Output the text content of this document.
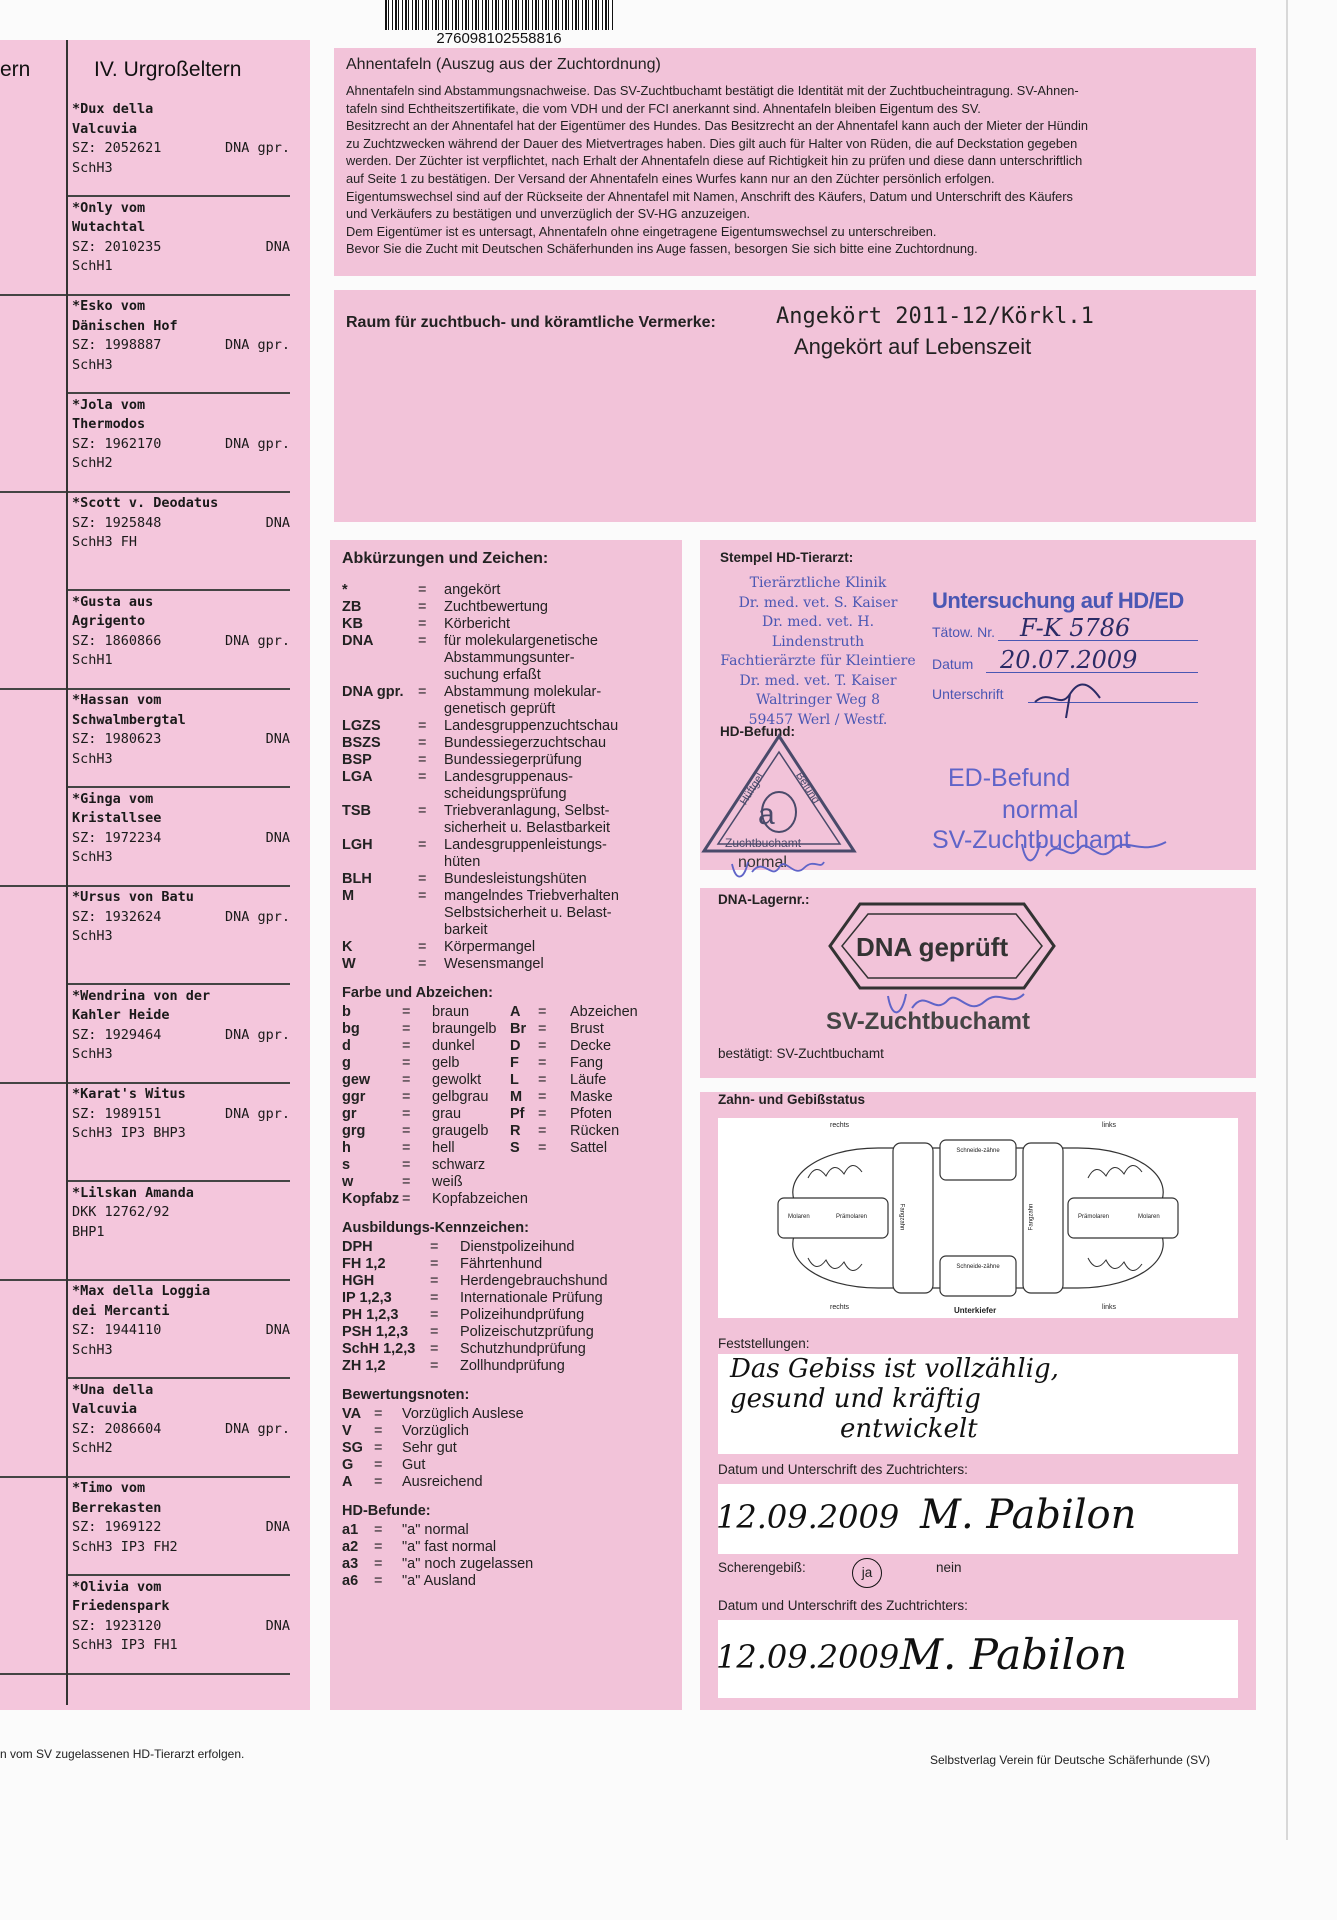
276098102558816
ern	IV. Urgroßeltern
*Dux della Valcuvia
SZ: 2052621	DNA gpr.
SchH3
*Only vom Wutachtal
SZ: 2010235	DNA
SchH1
*Esko vom Dänischen Hof
SZ: 1998887	DNA gpr.
SchH3
*Jola vom Thermodos
SZ: 1962170	DNA gpr.
SchH2
*Scott v. Deodatus
SZ: 1925848	DNA
SchH3 FH
*Gusta aus Agrigento
SZ: 1860866	DNA gpr.
SchH1
*Hassan vom Schwalmbergtal
SZ: 1980623	DNA
SchH3
*Ginga vom Kristallsee
SZ: 1972234	DNA
SchH3
*Ursus von Batu
SZ: 1932624	DNA gpr.
SchH3
*Wendrina von der Kahler Heide
SZ: 1929464	DNA gpr.
SchH3
*Karat's Witus
SZ: 1989151	DNA gpr.
SchH3 IP3 BHP3
*Lilskan Amanda
DKK 12762/92
BHP1
*Max della Loggia dei Mercanti
SZ: 1944110	DNA
SchH3
*Una della Valcuvia
SZ: 2086604	DNA gpr.
SchH2
*Timo vom Berrekasten
SZ: 1969122	DNA
SchH3 IP3 FH2
*Olivia vom Friedenspark
SZ: 1923120	DNA
SchH3 IP3 FH1
Ahnentafeln (Auszug aus der Zuchtordnung)
Ahnentafeln sind Abstammungsnachweise. Das SV-Zuchtbuchamt bestätigt die Identität mit der Zuchtbucheintragung. SV-Ahnen-
tafeln sind Echtheitszertifikate, die vom VDH und der FCI anerkannt sind. Ahnentafeln bleiben Eigentum des SV.
Besitzrecht an der Ahnentafel hat der Eigentümer des Hundes. Das Besitzrecht an der Ahnentafel kann auch der Mieter der Hündin
zu Zuchtzwecken während der Dauer des Mietvertrages haben. Dies gilt auch für Halter von Rüden, die auf Deckstation gegeben
werden. Der Züchter ist verpflichtet, nach Erhalt der Ahnentafeln diese auf Richtigkeit hin zu prüfen und diese dann unterschriftlich
auf Seite 1 zu bestätigen. Der Versand der Ahnentafeln eines Wurfes kann nur an den Züchter persönlich erfolgen.
Eigentumswechsel sind auf der Rückseite der Ahnentafel mit Namen, Anschrift des Käufers, Datum und Unterschrift des Käufers
und Verkäufers zu bestätigen und unverzüglich der SV-HG anzuzeigen.
Dem Eigentümer ist es untersagt, Ahnentafeln ohne eingetragene Eigentumswechsel zu unterschreiben.
Bevor Sie die Zucht mit Deutschen Schäferhunden ins Auge fassen, besorgen Sie sich bitte eine Zuchtordnung.
Raum für zuchtbuch- und köramtliche Vermerke:	Angekört 2011-12/Körkl.1
Angekört auf Lebenszeit
Abkürzungen und Zeichen:
*	= angekört
ZB	= Zuchtbewertung
KB	= Körbericht
DNA	= für molekulargenetische
Abstammungsunter-
suchung erfaßt
DNA gpr. = Abstammung molekular-
genetisch geprüft
LGZS	= Landesgruppenzuchtschau
BSZS	= Bundessiegerzuchtschau
BSP	= Bundessiegerprüfung
LGA	= Landesgruppenaus-
scheidungsprüfung
TSB	= Triebveranlagung, Selbst-
sicherheit u. Belastbarkeit
LGH	= Landesgruppenleistungs-
hüten
BLH	= Bundesleistungshüten
M	= mangelndes Triebverhalten
Selbstsicherheit u. Belast-
barkeit
K	= Körpermangel
W	= Wesensmangel
Farbe und Abzeichen:
b	= braun	A = Abzeichen
bg	= braungelb Br = Brust
d	= dunkel D = Decke
g	= gelb	F = Fang
gew = gewolkt L = Läufe
ggr	= gelbgrau M = Maske
gr	= grau	Pf = Pfoten
grg	= graugelb R = Rücken
h	= hell	S = Sattel
s	= schwarz
w	= weiß
Kopfabz = Kopfabzeichen
Ausbildungs-Kennzeichen:
DPH	= Dienstpolizeihund
FH 1,2	= Fährtenhund
HGH	= Herdengebrauchshund
IP 1,2,3	= Internationale Prüfung
PH 1,2,3 = Polizeihundprüfung
PSH 1,2,3 = Polizeischutzprüfung
SchH 1,2,3 = Schutzhundprüfung
ZH 1,2	= Zollhundprüfung
Bewertungsnoten:
VA = Vorzüglich Auslese
V = Vorzüglich
SG = Sehr gut
G = Gut
A = Ausreichend
HD-Befunde:
a1 = "a" normal
a2 = "a" fast normal
a3 = "a" noch zugelassen
a6 = "a" Ausland
Stempel HD-Tierarzt:
Tierärztliche Klinik
Dr. med. vet. S. Kaiser
Dr. med. vet. H. Lindenstruth
Fachtierärzte für Kleintiere
Dr. med. vet. T. Kaiser
Waltringer Weg 8
59457 Werl / Westf.
Untersuchung auf HD/ED
Tätow. Nr. F-K 5786
Datum 20.07.2009
Unterschrift
HD-Befund:
a
Hüftgel. Befund
Zuchtbuchamt
normal
ED-Befund
normal
SV-Zuchtbuchamt
DNA-Lagernr.:
DNA geprüft
SV-Zuchtbuchamt
bestätigt: SV-Zuchtbuchamt
Zahn- und Gebißstatus
rechts	links
rechts	links
Unterkiefer
Schneide-zähne
Schneide-zähne
Molaren	Prämolaren	Prämolaren	Molaren
Fangzahn	Fangzahn
Feststellungen:
Das Gebiss ist vollzählig,
gesund und kräftig
entwickelt
Datum und Unterschrift des Zuchtrichters:
12.09.2009 M. Pabilon
Scherengebiß:	ja	nein
Datum und Unterschrift des Zuchtrichters:
12.09.2009 M. Pabilon
n vom SV zugelassenen HD-Tierarzt erfolgen.	Selbstverlag Verein für Deutsche Schäferhunde (SV)
